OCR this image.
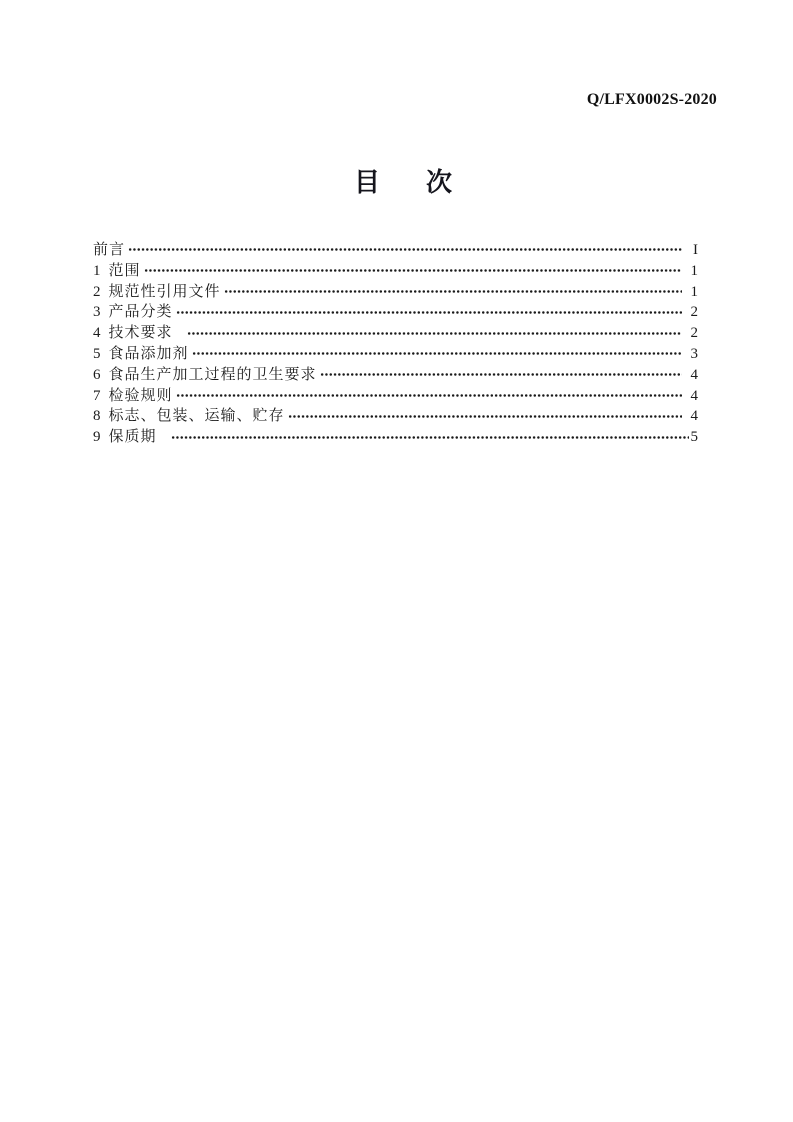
Q/LFX0002S-2020
目　次
前言	I
1 范围	1
2 规范性引用文件	1
3 产品分类	2
4 技术要求	2
5 食品添加剂	3
6 食品生产加工过程的卫生要求	4
7 检验规则	4
8 标志、包装、运输、贮存	4
9 保质期	5
